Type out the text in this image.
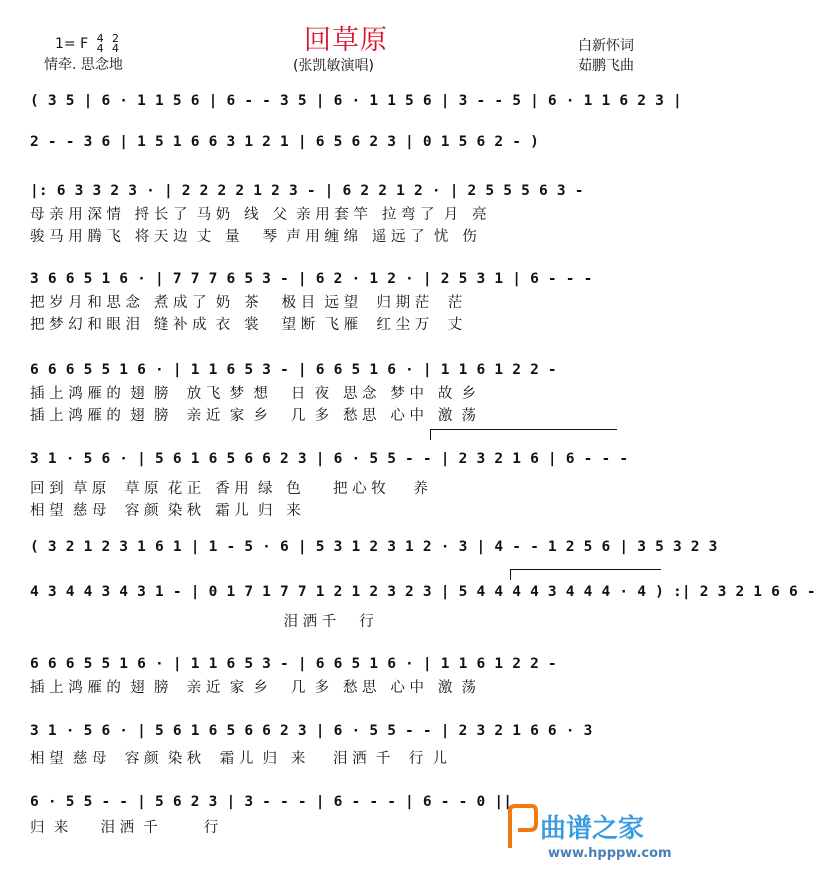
回草原
1= F 4
4 2
4
情牵. 思念地	(张凯敏演唱)
白新怀词
茹鹏飞曲
( 3 5 | 6 · 1 1 5 6 | 6 - - 3 5 | 6 · 1 1 5 6 | 3 - - 5 | 6 · 1 1 6 2 3 |
2 - - 3 6 | 1 5 1 6 6 3 1 2 1 | 6 5 6 2 3 | 0 1 5 6 2 - )
|: 6 3 3 2 3 · | 2 2 2 2 1 2 3 - | 6 2 2 1 2 · | 2 5 5 5 6 3 -
母 亲 用 深 情   捋 长 了  马 奶   线   父  亲 用 套 竿   拉 弯 了  月   亮
骏 马 用 腾 飞   将 天 边  丈   量     琴  声 用 缠 绵   遥 远 了  忧   伤
3 6 6 5 1 6 · | 7 7 7 6 5 3 - | 6 2 · 1 2 · | 2 5 3 1 | 6 - - -
把 岁 月 和 思 念   煮 成 了  奶   茶     极 目  远 望    归 期 茫    茫
把 梦 幻 和 眼 泪   缝 补 成  衣   裳     望 断  飞 雁    红 尘 万    丈
6 6 6 5 5 1 6 · | 1 1 6 5 3 - | 6 6 5 1 6 · | 1 1 6 1 2 2 -
插 上 鸿 雁 的  翅  膀    放 飞  梦  想     日  夜   思 念   梦 中   故  乡
插 上 鸿 雁 的  翅  膀    亲 近  家  乡     几  多   愁 思   心 中   激  荡
3 1 · 5 6 · | 5 6 1 6 5 6 6 2 3 | 6 · 5 5 - - | 2 3 2 1 6 | 6 - - -
回 到  草 原    草 原  花 正   香 用  绿   色       把 心 牧      养
相 望  慈 母    容 颜  染 秋   霜 儿  归   来
( 3 2 1 2 3 1 6 1 | 1 - 5 · 6 | 5 3 1 2 3 1 2 · 3 | 4 - - 1 2 5 6 | 3 5 3 2 3
4 3 4 4 3 4 3 1 - | 0 1 7 1 7 7 1 2 1 2 3 2 3 | 5 4 4 4 4 3 4 4 4 · 4 ) :| 2 3 2 1 6 6 -
泪 洒 千     行
6 6 6 5 5 1 6 · | 1 1 6 5 3 - | 6 6 5 1 6 · | 1 1 6 1 2 2 -
插 上 鸿 雁 的  翅  膀    亲 近  家  乡     几  多   愁 思   心 中   激  荡
3 1 · 5 6 · | 5 6 1 6 5 6 6 2 3 | 6 · 5 5 - - | 2 3 2 1 6 6 · 3
相 望  慈 母    容 颜  染 秋    霜 儿  归   来      泪 洒  千    行  儿
6 · 5 5 - - | 5 6 2 3 | 3 - - - | 6 - - - | 6 - - 0 ||
归  来       泪 洒  千          行	曲谱之家
www.hpppw.com
